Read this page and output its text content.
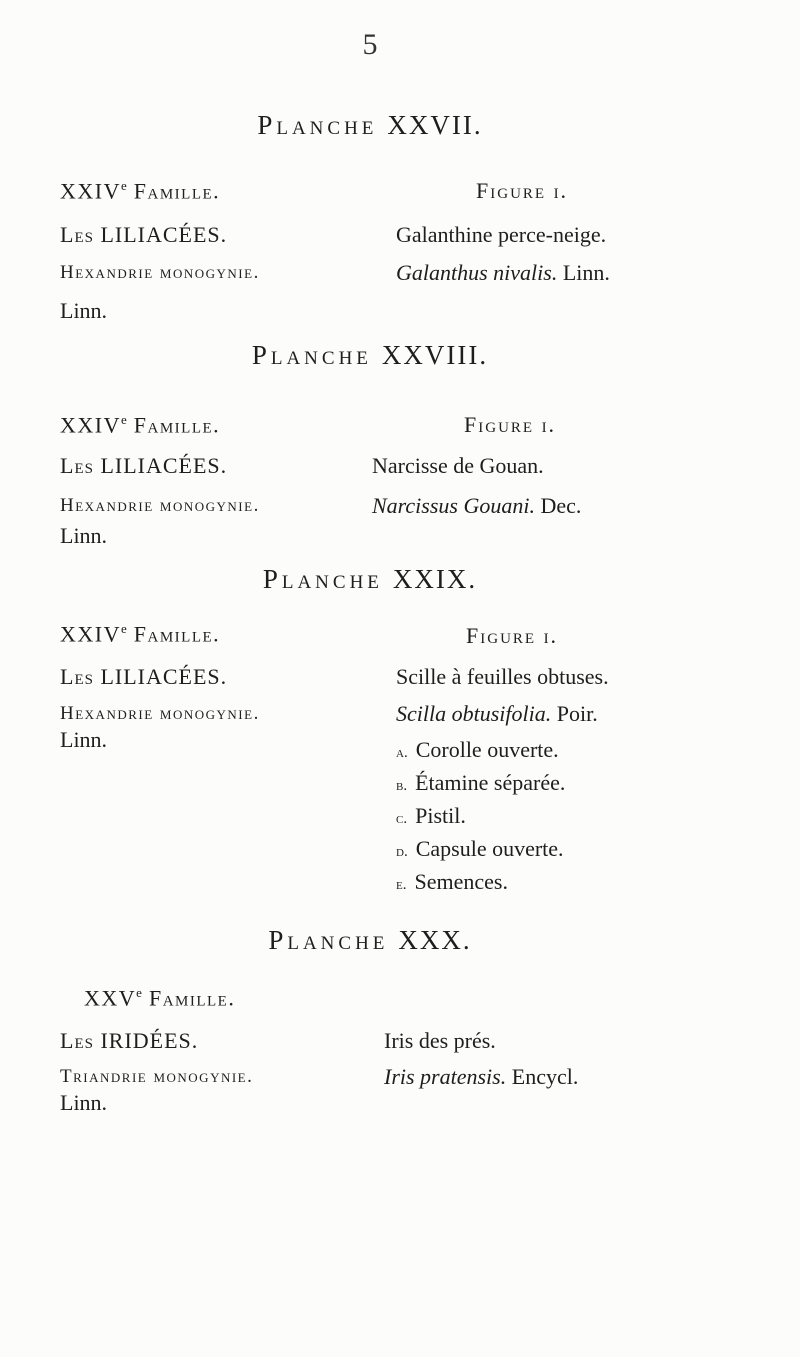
5
Planche XXVII.
XXIVe Famille.
Les LILIACÉES.
Hexandrie monogynie.
Linn.
Figure i.
Galanthine perce-neige.
Galanthus nivalis. Linn.
Planche XXVIII.
XXIVe Famille.
Les LILIACÉES.
Hexandrie monogynie.
Linn.
Figure i.
Narcisse de Gouan.
Narcissus Gouani. Dec.
Planche XXIX.
XXIVe Famille.
Les LILIACÉES.
Hexandrie monogynie.
Linn.
Figure i.
Scille à feuilles obtuses.
Scilla obtusifolia. Poir.
a. Corolle ouverte.
b. Étamine séparée.
c. Pistil.
d. Capsule ouverte.
e. Semences.
Planche XXX.
XXVe Famille.
Les IRIDÉES.
Triandrie monogynie.
Linn.
Iris des prés.
Iris pratensis. Encycl.
